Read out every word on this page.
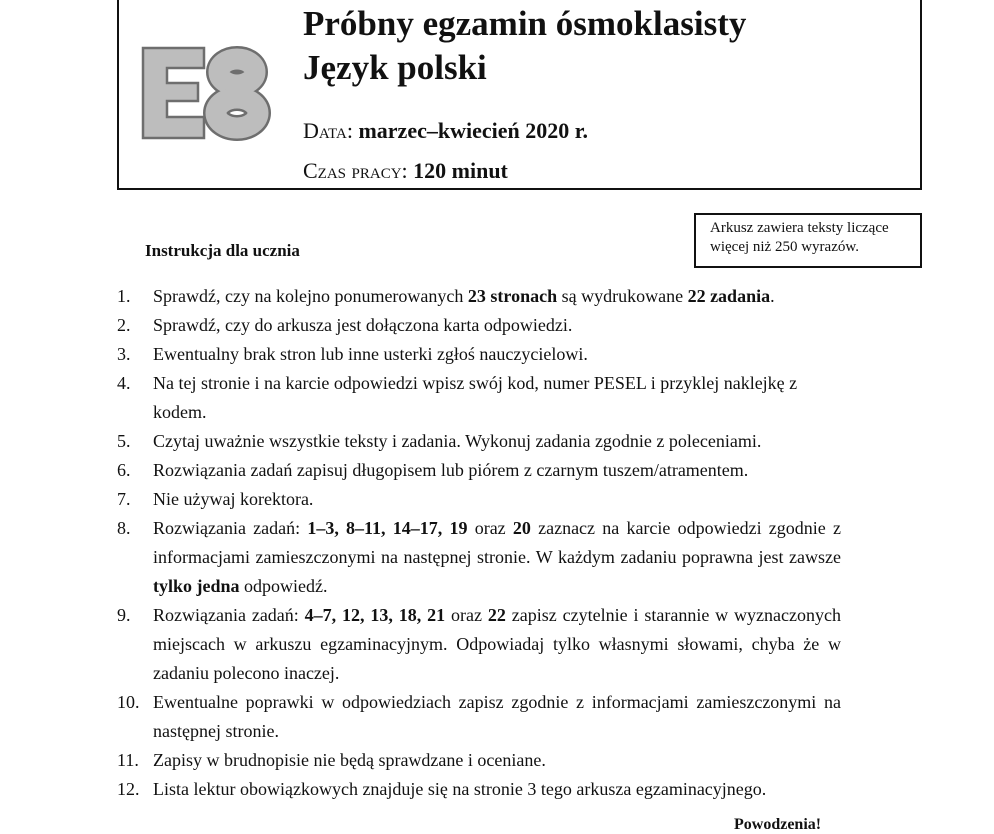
Próbny egzamin ósmoklasisty
Język polski
Data: marzec–kwiecień 2020 r.
Czas pracy: 120 minut
Arkusz zawiera teksty liczące
więcej niż 250 wyrazów.
Instrukcja dla ucznia
1. Sprawdź, czy na kolejno ponumerowanych 23 stronach są wydrukowane 22 zadania.
2. Sprawdź, czy do arkusza jest dołączona karta odpowiedzi.
3. Ewentualny brak stron lub inne usterki zgłoś nauczycielowi.
4. Na tej stronie i na karcie odpowiedzi wpisz swój kod, numer PESEL i przyklej naklejkę z kodem.
5. Czytaj uważnie wszystkie teksty i zadania. Wykonuj zadania zgodnie z poleceniami.
6. Rozwiązania zadań zapisuj długopisem lub piórem z czarnym tuszem/atramentem.
7. Nie używaj korektora.
8. Rozwiązania zadań: 1–3, 8–11, 14–17, 19 oraz 20 zaznacz na karcie odpowiedzi zgodnie z informacjami zamieszczonymi na następnej stronie. W każdym zadaniu poprawna jest zawsze tylko jedna odpowiedź.
9. Rozwiązania zadań: 4–7, 12, 13, 18, 21 oraz 22 zapisz czytelnie i starannie w wyznaczonych miejscach w arkuszu egzaminacyjnym. Odpowiadaj tylko własnymi słowami, chyba że w zadaniu polecono inaczej.
10. Ewentualne poprawki w odpowiedziach zapisz zgodnie z informacjami zamieszczonymi na następnej stronie.
11. Zapisy w brudnopisie nie będą sprawdzane i oceniane.
12. Lista lektur obowiązkowych znajduje się na stronie 3 tego arkusza egzaminacyjnego.
Powodzenia!
